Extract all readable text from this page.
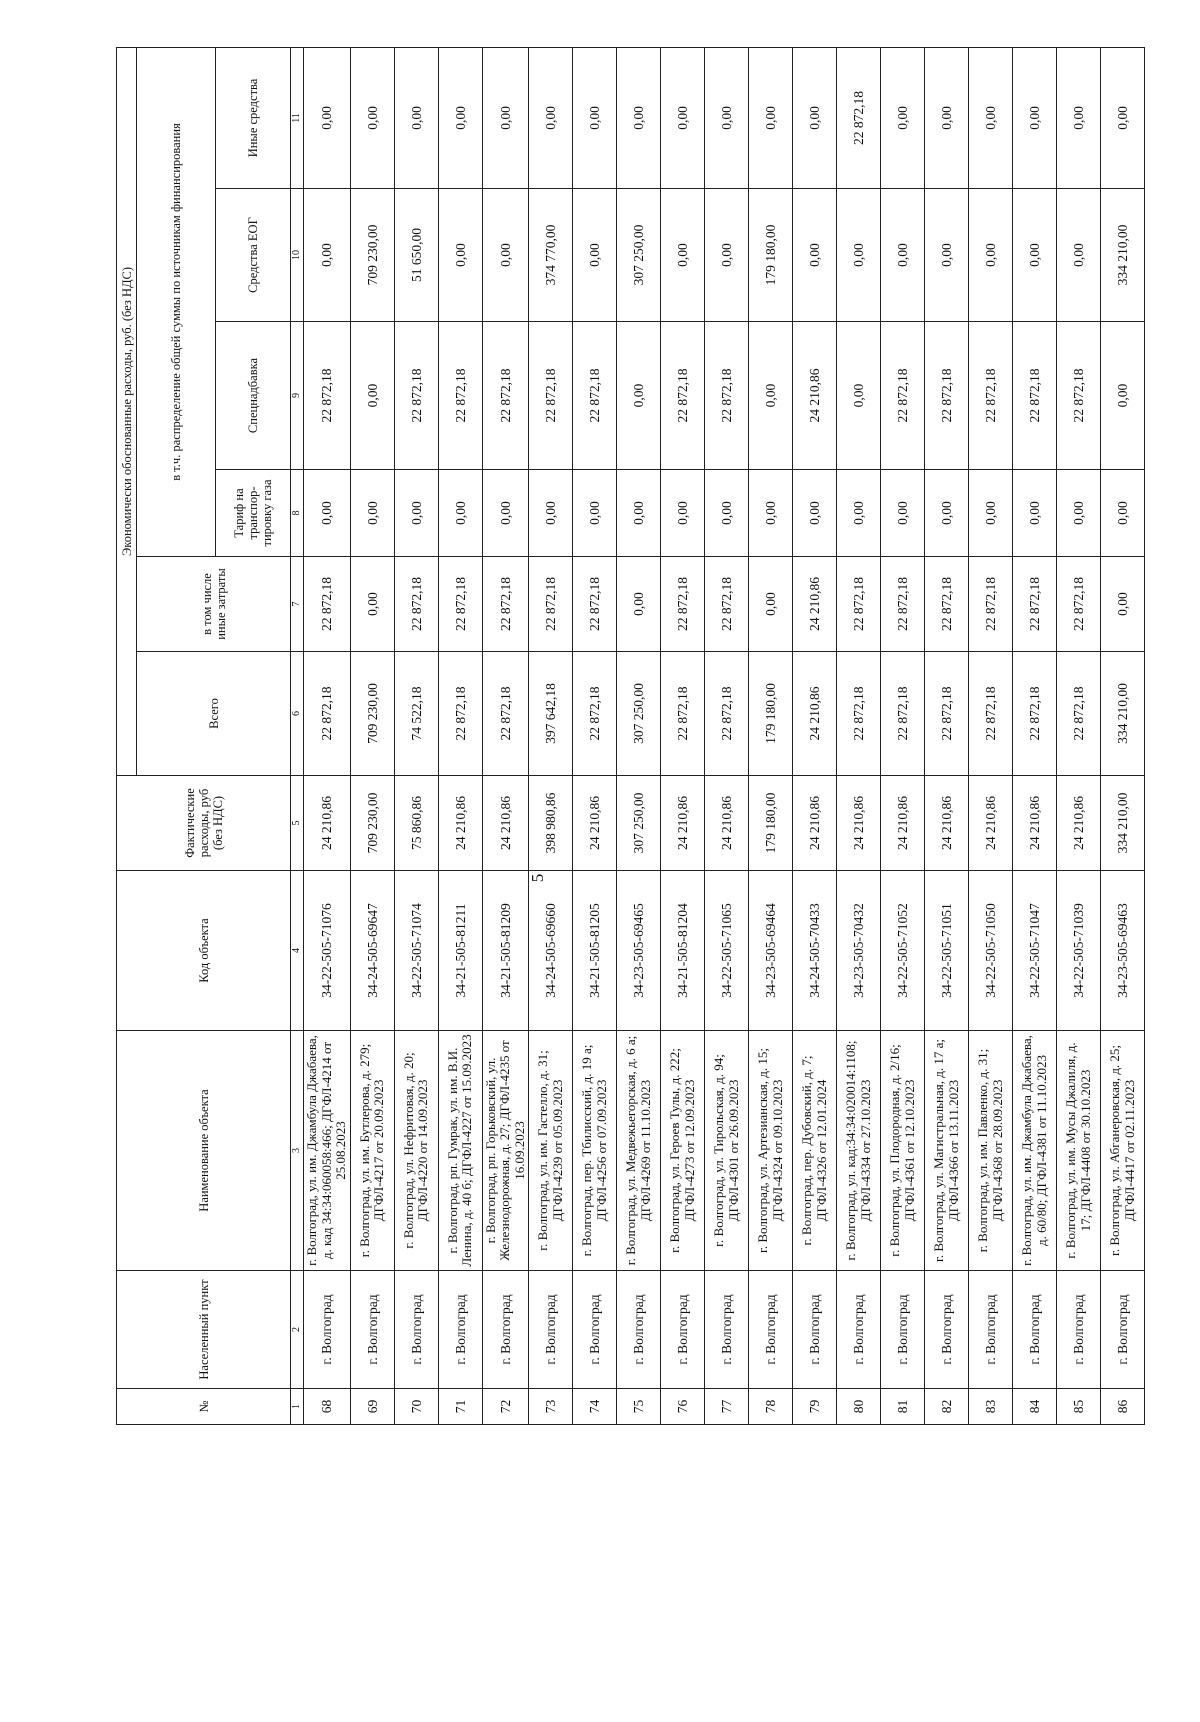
5
№	Населенный пункт	Наименование объекта	Код объекта	Фактические расходы, руб (без НДС)	Экономически обоснованные расходы, руб. (без НДС)					
					Всего	в том числе иные затраты	в т.ч. распределение общей суммы по источникам финансирования			
							Тариф на транспор-тировку газа	Спецнадбавка	Средства ЕОГ	Иные средства
1	2	3	4	5	6	7	8	9	10	11
68	г. Волгоград	г. Волгоград, ул. им. Джамбула Джабаева, д. кад 34:34:060058:466; ДГФЛ-4214 от 25.08.2023	34-22-505-71076	24 210,86	22 872,18	22 872,18	0,00	22 872,18	0,00	0,00
69	г. Волгоград	г. Волгоград, ул. им. Бутлерова, д. 279; ДГФЛ-4217 от 20.09.2023	34-24-505-69647	709 230,00	709 230,00	0,00	0,00	0,00	709 230,00	0,00
70	г. Волгоград	г. Волгоград, ул. Нефритовая, д. 20; ДГФЛ-4220 от 14.09.2023	34-22-505-71074	75 860,86	74 522,18	22 872,18	0,00	22 872,18	51 650,00	0,00
71	г. Волгоград	г. Волгоград, рп. Гумрак, ул. им. В.И. Ленина, д. 40 б; ДГФЛ-4227 от 15.09.2023	34-21-505-81211	24 210,86	22 872,18	22 872,18	0,00	22 872,18	0,00	0,00
72	г. Волгоград	г. Волгоград, рп. Горьковский, ул. Железнодорожная, д. 27; ДГФЛ-4235 от 16.09.2023	34-21-505-81209	24 210,86	22 872,18	22 872,18	0,00	22 872,18	0,00	0,00
73	г. Волгоград	г. Волгоград, ул. им. Гастелло, д. 31; ДГФЛ-4239 от 05.09.2023	34-24-505-69660	398 980,86	397 642,18	22 872,18	0,00	22 872,18	374 770,00	0,00
74	г. Волгоград	г. Волгоград, пер. Тбилисский, д. 19 а; ДГФЛ-4256 от 07.09.2023	34-21-505-81205	24 210,86	22 872,18	22 872,18	0,00	22 872,18	0,00	0,00
75	г. Волгоград	г. Волгоград, ул. Медвежьегорская, д. 6 а; ДГФЛ-4269 от 11.10.2023	34-23-505-69465	307 250,00	307 250,00	0,00	0,00	0,00	307 250,00	0,00
76	г. Волгоград	г. Волгоград, ул. Героев Тулы, д. 222; ДГФЛ-4273 от 12.09.2023	34-21-505-81204	24 210,86	22 872,18	22 872,18	0,00	22 872,18	0,00	0,00
77	г. Волгоград	г. Волгоград, ул. Тирольская, д. 94; ДГФЛ-4301 от 26.09.2023	34-22-505-71065	24 210,86	22 872,18	22 872,18	0,00	22 872,18	0,00	0,00
78	г. Волгоград	г. Волгоград, ул. Артезианская, д. 15; ДГФЛ-4324 от 09.10.2023	34-23-505-69464	179 180,00	179 180,00	0,00	0,00	0,00	179 180,00	0,00
79	г. Волгоград	г. Волгоград, пер. Дубовский, д. 7; ДГФЛ-4326 от 12.01.2024	34-24-505-70433	24 210,86	24 210,86	24 210,86	0,00	24 210,86	0,00	0,00
80	г. Волгоград	г. Волгоград, ул. кад:34:34:020014:1108; ДГФЛ-4334 от 27.10.2023	34-23-505-70432	24 210,86	22 872,18	22 872,18	0,00	0,00	0,00	22 872,18
81	г. Волгоград	г. Волгоград, ул. Плодородная, д. 2/16; ДГФЛ-4361 от 12.10.2023	34-22-505-71052	24 210,86	22 872,18	22 872,18	0,00	22 872,18	0,00	0,00
82	г. Волгоград	г. Волгоград, ул. Магистральная, д. 17 а; ДГФЛ-4366 от 13.11.2023	34-22-505-71051	24 210,86	22 872,18	22 872,18	0,00	22 872,18	0,00	0,00
83	г. Волгоград	г. Волгоград, ул. им. Павленко, д. 31; ДГФЛ-4368 от 28.09.2023	34-22-505-71050	24 210,86	22 872,18	22 872,18	0,00	22 872,18	0,00	0,00
84	г. Волгоград	г. Волгоград, ул. им. Джамбула Джабаева, д. 60/80; ДГФЛ-4381 от 11.10.2023	34-22-505-71047	24 210,86	22 872,18	22 872,18	0,00	22 872,18	0,00	0,00
85	г. Волгоград	г. Волгоград, ул. им. Мусы Джалиля, д. 17; ДГФЛ-4408 от 30.10.2023	34-22-505-71039	24 210,86	22 872,18	22 872,18	0,00	22 872,18	0,00	0,00
86	г. Волгоград	г. Волгоград, ул. Абганеровская, д. 25; ДГФЛ-4417 от 02.11.2023	34-23-505-69463	334 210,00	334 210,00	0,00	0,00	0,00	334 210,00	0,00
